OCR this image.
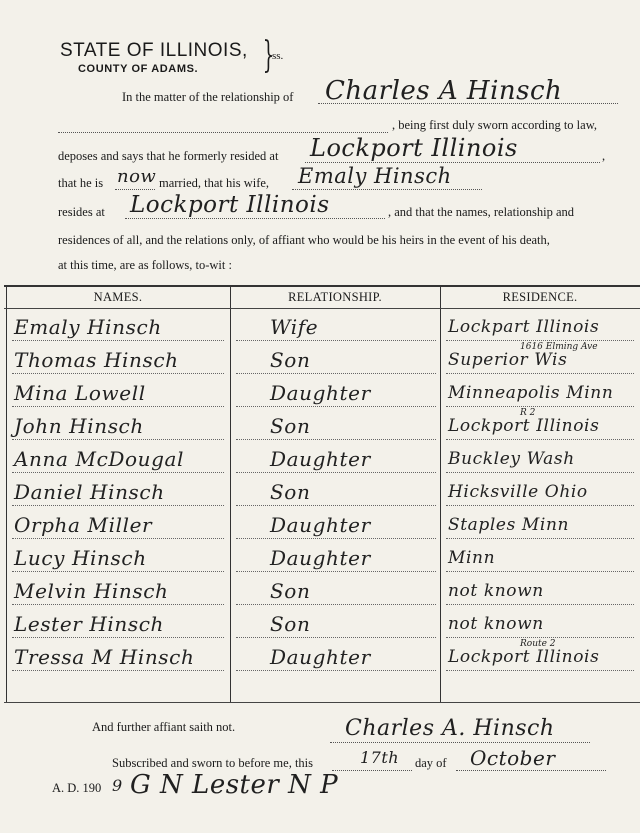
STATE OF ILLINOIS,
COUNTY OF ADAMS. }
ss.
In the matter of the relationship of Charles A Hinsch
, being first duly sworn according to law,
deposes and says that he formerly resided at Lockport Illinois	,
that he is now married, that his wife, Emaly Hinsch
resides at Lockport Illinois	, and that the names, relationship and
residences of all, and the relations only, of affiant who would be his heirs in the event of his death,
at this time, are as follows, to-wit :
NAMES.	RELATIONSHIP.	RESIDENCE.
Emaly Hinsch	Wife	Lockpart Illinois
Thomas Hinsch	Son	Superior Wis
1616 Elming Ave
Mina Lowell	Daughter	Minneapolis Minn
John Hinsch	Son	Lockport Illinois
R 2
Anna McDougal	Daughter	Buckley Wash
Daniel Hinsch	Son	Hicksville Ohio
Orpha Miller	Daughter	Staples Minn
Lucy Hinsch	Daughter	Minn
Melvin Hinsch	Son	not known
Lester Hinsch	Son	not known
Tressa M Hinsch	Daughter	Lockport Illinois
Route 2
And further affiant saith not.	Charles A. Hinsch
Subscribed and sworn to before me, this	17th day of October
A. D. 190 9 G N Lester N P
